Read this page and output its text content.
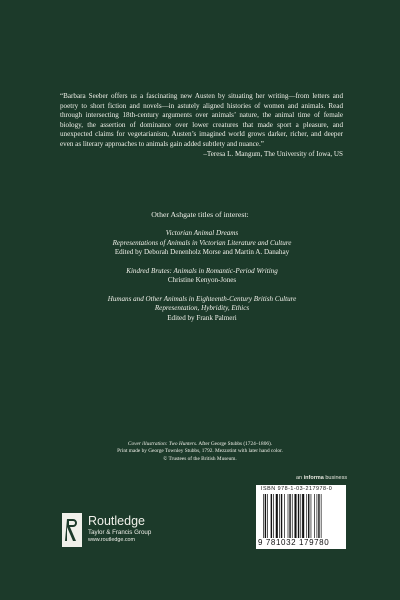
“Barbara Seeber offers us a fascinating new Austen by situating her writing—from letters and poetry to short fiction and novels—in astutely aligned histories of women and animals. Read through intersecting 18th-century arguments over animals’ nature, the animal time of female biology, the assertion of dominance over lower creatures that made sport a pleasure, and unexpected claims for vegetarianism, Austen’s imagined world grows darker, richer, and deeper even as literary approaches to animals gain added subtlety and nuance.”

–Teresa L. Mangum, The University of Iowa, US

Other Ashgate titles of interest:
Victorian Animal Dreams
Representations of Animals in Victorian Literature and Culture
Edited by Deborah Denenholz Morse and Martin A. Danahay
Kindred Brutes: Animals in Romantic-Period Writing
Christine Kenyon-Jones
Humans and Other Animals in Eighteenth-Century British Culture
Representation, Hybridity, Ethics
Edited by Frank Palmeri
Cover illustration: Two Hunters. After George Stubbs (1724–1806).
Print made by George Townley Stubbs, 1792. Mezzotint with later hand color.
© Trustees of the British Museum.
an informa business
ISBN 978-1-03-217978-0
9 781032 179780
Routledge
Taylor & Francis Group
www.routledge.com
